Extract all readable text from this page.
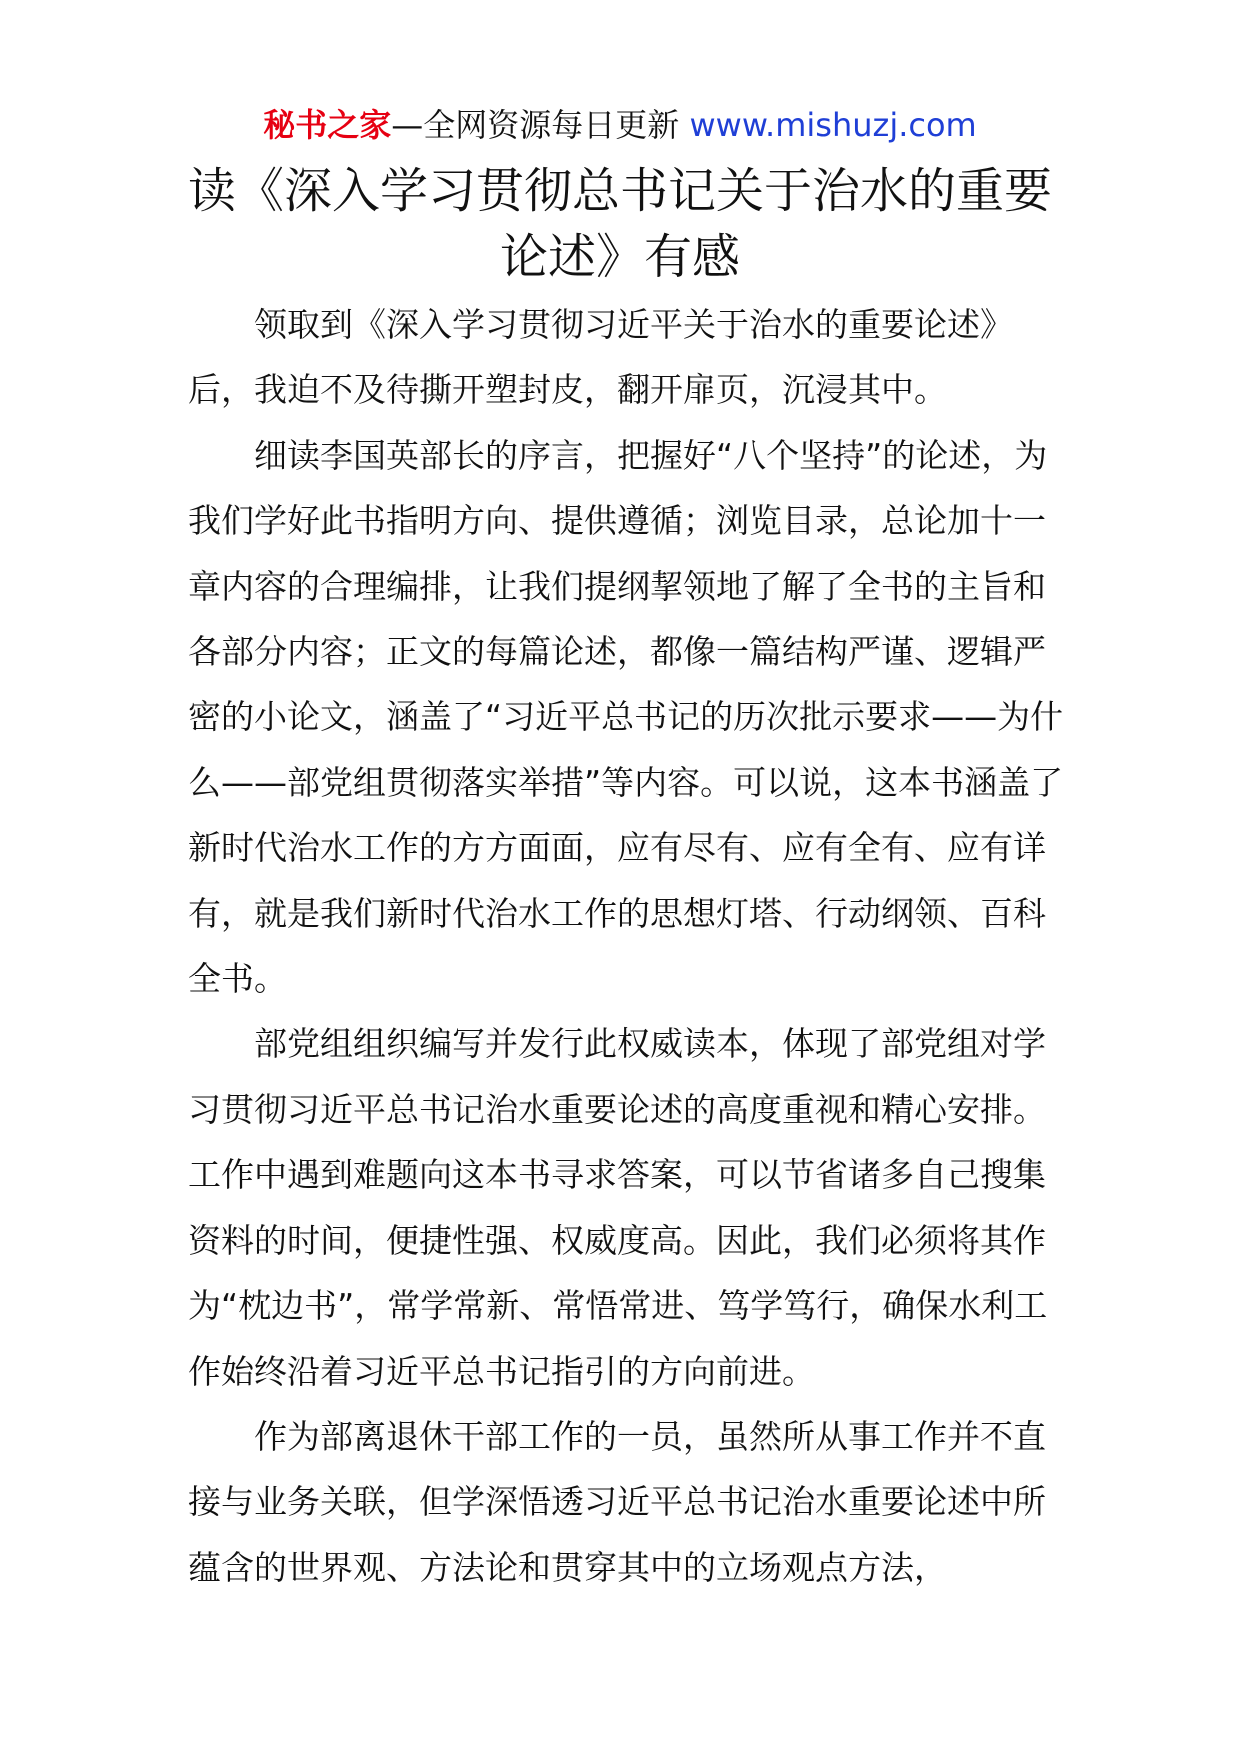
秘书之家—全网资源每日更新 www.mishuzj.com
读《深入学习贯彻总书记关于治水的重要
论述》有感

领取到《深入学习贯彻习近平关于治水的重要论述》后，我迫不及待撕开塑封皮，翻开扉页，沉浸其中。

细读李国英部长的序言，把握好“八个坚持”的论述，为我们学好此书指明方向、提供遵循；浏览目录，总论加十一章内容的合理编排，让我们提纲挈领地了解了全书的主旨和各部分内容；正文的每篇论述，都像一篇结构严谨、逻辑严密的小论文，涵盖了“习近平总书记的历次批示要求——为什么——部党组贯彻落实举措”等内容。可以说，这本书涵盖了新时代治水工作的方方面面，应有尽有、应有全有、应有详有，就是我们新时代治水工作的思想灯塔、行动纲领、百科全书。

部党组组织编写并发行此权威读本，体现了部党组对学习贯彻习近平总书记治水重要论述的高度重视和精心安排。工作中遇到难题向这本书寻求答案，可以节省诸多自己搜集资料的时间，便捷性强、权威度高。因此，我们必须将其作为“枕边书”，常学常新、常悟常进、笃学笃行，确保水利工作始终沿着习近平总书记指引的方向前进。

作为部离退休干部工作的一员，虽然所从事工作并不直接与业务关联，但学深悟透习近平总书记治水重要论述中所蕴含的世界观、方法论和贯穿其中的立场观点方法，
